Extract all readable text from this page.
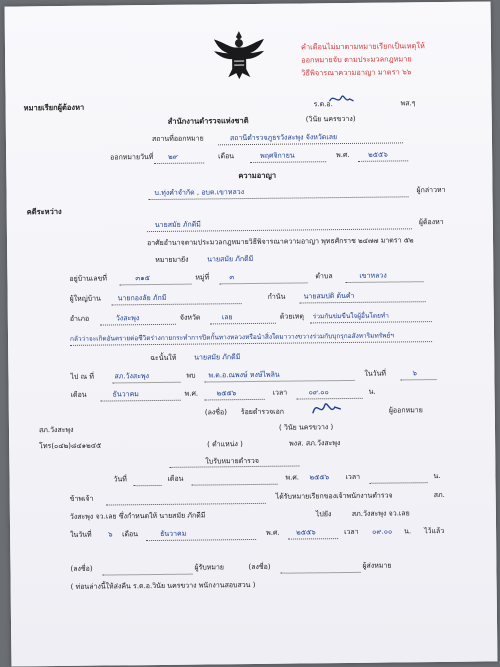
คำเตือนไม่มาตามหมายเรียกเป็นเหตุให้
ออกหมายจับ ตามประมวลกฎหมาย
วิธีพิจารณาความอาญา มาตรา ๖๖
หมายเรียกผู้ต้องหา	ร.ต.อ.	พส.ๆ
สำนักงานตำรวจแห่งชาติ	(วินัย นครขวาง)
สถานที่ออกหมาย	สถานีตำรวจภูธรวังสะพุง จังหวัดเลย
ออกหมายวันที่ ๒๙	เดือน	พฤศจิกายน	พ.ศ.	๒๕๕๖
ความอาญา
บ.ทุ่งคำจำกัด , อบต.เขาหลวง	ผู้กล่าวหา
คดีระหว่าง
นายสมัย ภักดีมี	ผู้ต้องหา
อาศัยอำนาจตามประมวลกฎหมายวิธีพิจารณาความอาญา พุทธศักราช ๒๔๗๗ มาตรา ๕๒
หมายมายัง	นายสมัย ภักดีมี
อยู่บ้านเลขที่	๓๑๕	หมู่ที่	๓	ตำบล	เขาหลวง
ผู้ใหญ่บ้าน นายกองลัย ภักมี	กำนัน	นายสมปติ ต้นคำ
อำเภอ	วังสะพุง	จังหวัด	เลย	ด้วยเหตุ ร่วมกันข่มขืนใจผู้อื่นโดยทำ
กลัวว่าจะเกิดอันตรายต่อชีวิตร่างกายกระทำการปิดกั้นทางหลวงหรือนำสิ่งใดมาวางขวางร่วมกับบุกรุกอสังหาริมทรัพย์ฯ
ฉะนั้นให้	นายสมัย ภักดีมี
ไป ณ ที่	สภ.วังสะพุง	พบ พ.ต.อ.ณพงษ์ หงษ์ไพลิน	ในวันที่	๖
เดือน	ธันวาคม	พ.ศ.	๒๕๕๖	เวลา	๐๙.๐๐	น.
(ลงชื่อ) ร้อยตำรวจเอก	ผู้ออกหมาย
( วินัย นครขวาง )
สภ.วังสะพุง
โทร(๐๔๒)๘๔๑๒๔๕	( ตำแหน่ง )	พงส. สภ.วังสะพุง
ใบรับหมายตำรวจ
วันที่	เดือน	พ.ศ. ๒๕๕๖ เวลา	น.
ข้าพเจ้า	ได้รับหมายเรียกของเจ้าพนักงานตำรวจ	สภ.
วังสะพุง จว.เลย ซึ่งกำหนดให้ นายสมัย ภักดีมี	ไปยัง	สภ.วังสะพุง จว.เลย
ในวันที่ ๖ เดือน	ธันวาคม	พ.ศ. ๒๕๕๖	เวลา ๐๙.๐๐ น. ไว้แล้ว
(ลงชื่อ)	ผู้รับหมาย	(ลงชื่อ)	ผู้ส่งหมาย
( ท่อนล่างนี้ให้ส่งคืน ร.ต.อ.วินัย นครขวาง พนักงานสอบสวน )
